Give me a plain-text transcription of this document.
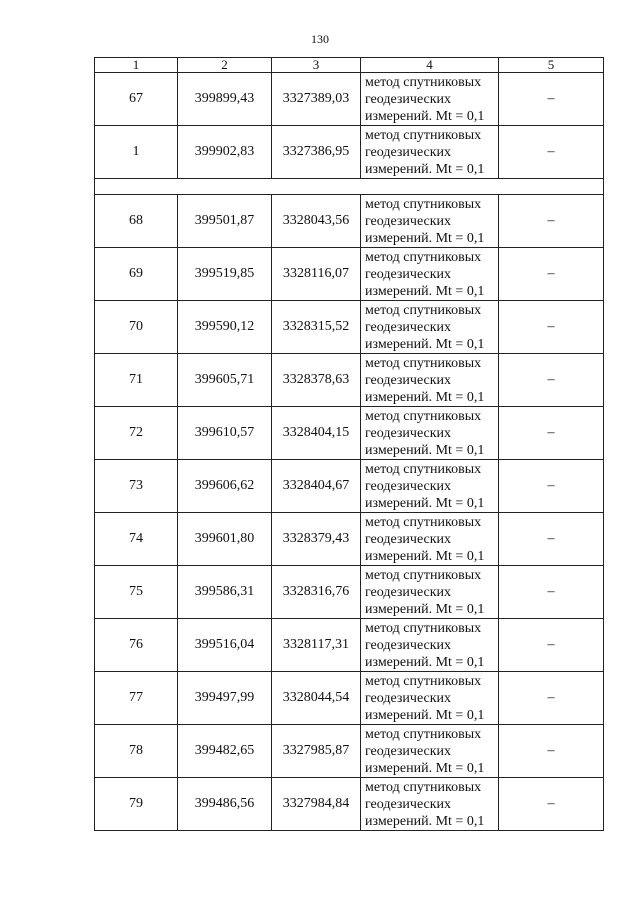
130
1	2	3	4	5
67	399899,43	3327389,03	метод спутниковых
геодезических
измерений. Mt = 0,1	–
1	399902,83	3327386,95	метод спутниковых
геодезических
измерений. Mt = 0,1	–

68	399501,87	3328043,56	метод спутниковых
геодезических
измерений. Mt = 0,1	–
69	399519,85	3328116,07	метод спутниковых
геодезических
измерений. Mt = 0,1	–
70	399590,12	3328315,52	метод спутниковых
геодезических
измерений. Mt = 0,1	–
71	399605,71	3328378,63	метод спутниковых
геодезических
измерений. Mt = 0,1	–
72	399610,57	3328404,15	метод спутниковых
геодезических
измерений. Mt = 0,1	–
73	399606,62	3328404,67	метод спутниковых
геодезических
измерений. Mt = 0,1	–
74	399601,80	3328379,43	метод спутниковых
геодезических
измерений. Mt = 0,1	–
75	399586,31	3328316,76	метод спутниковых
геодезических
измерений. Mt = 0,1	–
76	399516,04	3328117,31	метод спутниковых
геодезических
измерений. Mt = 0,1	–
77	399497,99	3328044,54	метод спутниковых
геодезических
измерений. Mt = 0,1	–
78	399482,65	3327985,87	метод спутниковых
геодезических
измерений. Mt = 0,1	–
79	399486,56	3327984,84	метод спутниковых
геодезических
измерений. Mt = 0,1	–
